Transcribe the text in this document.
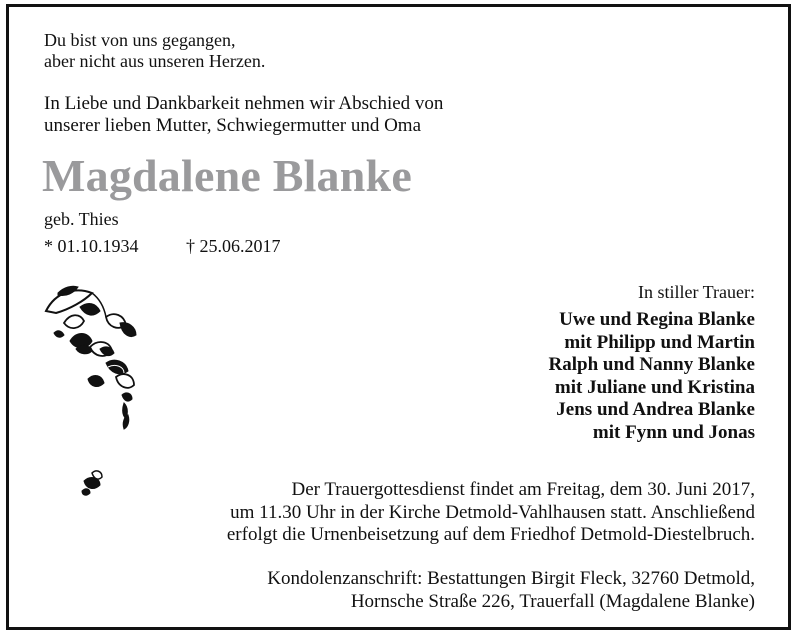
Du bist von uns gegangen,

aber nicht aus unseren Herzen.

In Liebe und Dankbarkeit nehmen wir Abschied von

unserer lieben Mutter, Schwiegermutter und Oma

Magdalene Blanke

geb. Thies

* 01.10.1934	† 25.06.2017

In stiller Trauer:

Uwe und Regina Blanke
mit Philipp und Martin
Ralph und Nanny Blanke
mit Juliane und Kristina
Jens und Andrea Blanke
mit Fynn und Jonas
Der Trauergottesdienst findet am Freitag, dem 30. Juni 2017,
um 11.30 Uhr in der Kirche Detmold-Vahlhausen statt. Anschließend
erfolgt die Urnenbeisetzung auf dem Friedhof Detmold-Diestelbruch.
Kondolenzanschrift: Bestattungen Birgit Fleck, 32760 Detmold,
Hornsche Straße 226, Trauerfall (Magdalene Blanke)
